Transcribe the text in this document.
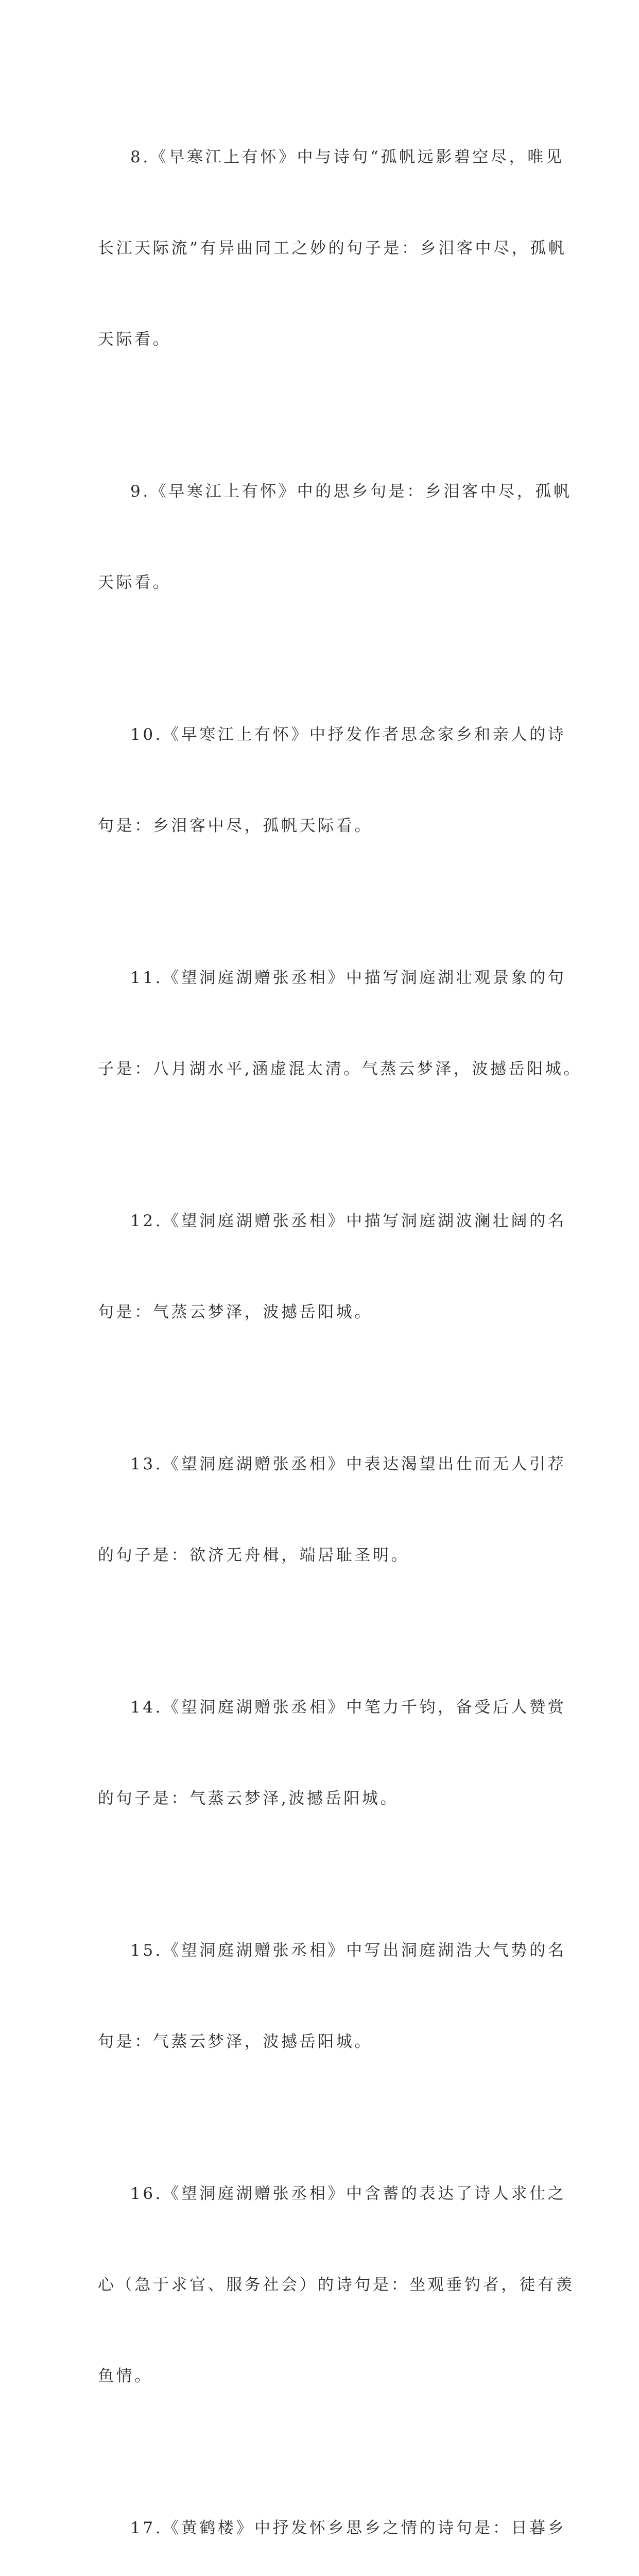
8.《早寒江上有怀》中与诗句“孤帆远影碧空尽，唯见

长江天际流”有异曲同工之妙的句子是：乡泪客中尽，孤帆

天际看。

9.《早寒江上有怀》中的思乡句是：乡泪客中尽，孤帆

天际看。

10.《早寒江上有怀》中抒发作者思念家乡和亲人的诗

句是：乡泪客中尽，孤帆天际看。

11.《望洞庭湖赠张丞相》中描写洞庭湖壮观景象的句

子是：八月湖水平,涵虚混太清。气蒸云梦泽，波撼岳阳城。

12.《望洞庭湖赠张丞相》中描写洞庭湖波澜壮阔的名

句是：气蒸云梦泽，波撼岳阳城。

13.《望洞庭湖赠张丞相》中表达渴望出仕而无人引荐

的句子是：欲济无舟楫，端居耻圣明。

14.《望洞庭湖赠张丞相》中笔力千钧，备受后人赞赏

的句子是：气蒸云梦泽,波撼岳阳城。

15.《望洞庭湖赠张丞相》中写出洞庭湖浩大气势的名

句是：气蒸云梦泽，波撼岳阳城。

16.《望洞庭湖赠张丞相》中含蓄的表达了诗人求仕之

心（急于求官、服务社会）的诗句是：坐观垂钓者，徒有羡

鱼情。

17.《黄鹤楼》中抒发怀乡思乡之情的诗句是：日暮乡
